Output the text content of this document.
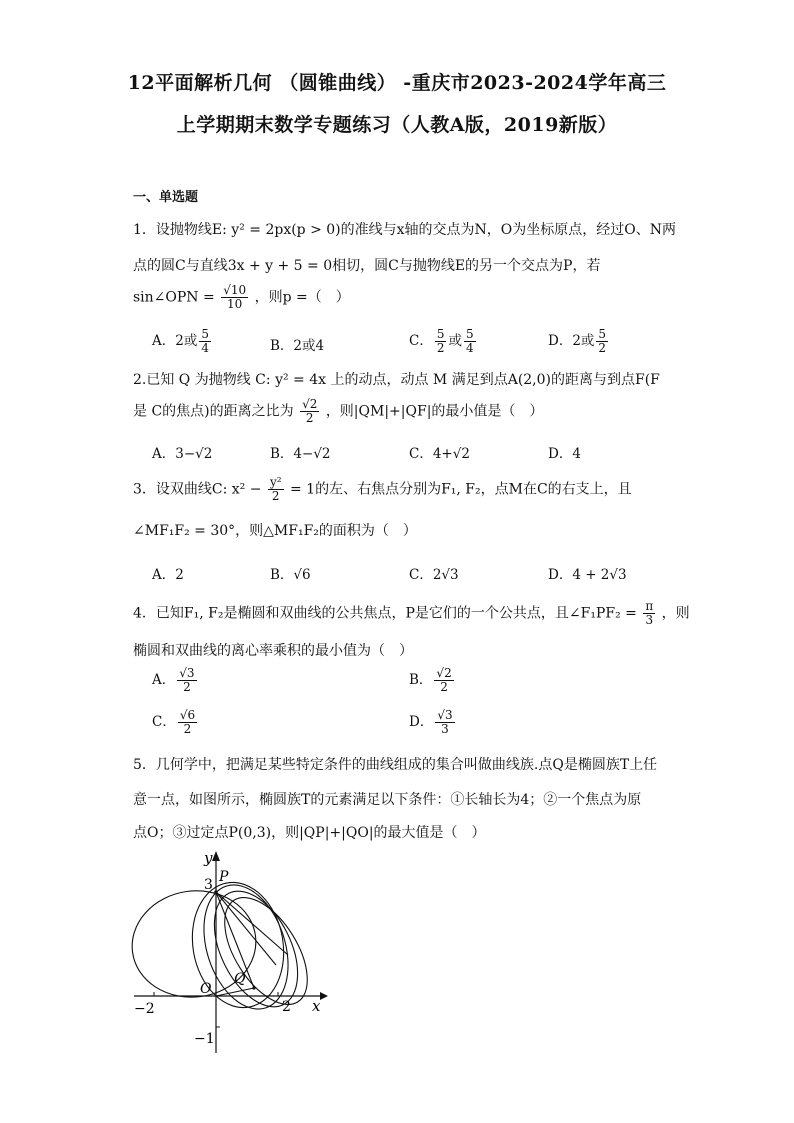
12平面解析几何 （圆锥曲线） -重庆市2023-2024学年高三
上学期期末数学专题练习（人教A版，2019新版）
一、单选题
1．设抛物线E: y² = 2px(p > 0)的准线与x轴的交点为N，O为坐标原点，经过O、N两
点的圆C与直线3x + y + 5 = 0相切，圆C与抛物线E的另一个交点为P，若
sin∠OPN = $\frac{√10}{10}$ ，则p =（　）
A．2或 $\frac{5}{4}$	B．2或4	C． $\frac{5}{2}$ 或 $\frac{5}{4}$	D．2或 $\frac{5}{2}$
2.已知 Q 为抛物线 C: y² = 4x 上的动点，动点 M 满足到点A(2,0)的距离与到点F(F
是 C的焦点)的距离之比为 $\frac{√2}{2}$ ，则|QM|+|QF|的最小值是（　）
A．3−√2	B．4−√2	C．4+√2	D．4
3．设双曲线C: $x^2 - \frac{\text{y²}}{2} = 1$的左、右焦点分别为F₁, F₂，点M在C的右支上，且
∠MF₁F₂ = 30°，则△MF₁F₂的面积为（　）
A．2	B．√6	C．2√3	D．4 + 2√3
4．已知F₁, F₂是椭圆和双曲线的公共焦点，P是它们的一个公共点，且∠F₁PF₂ = $\frac{\pi}{3}$ ，则
椭圆和双曲线的离心率乘积的最小值为（　）
A． $\frac{√3}{2}$	B． $\frac{√2}{2}$
C． $\frac{√6}{2}$	D． $\frac{√3}{3}$
5．几何学中，把满足某些特定条件的曲线组成的集合叫做曲线族.点Q是椭圆族T上任
意一点，如图所示，椭圆族T的元素满足以下条件：①长轴长为4；②一个焦点为原
点O；③过定点P(0,3)，则|QP|+|QO|的最大值是（　）
y
x
3 P
O
Q
−2	2
−1
